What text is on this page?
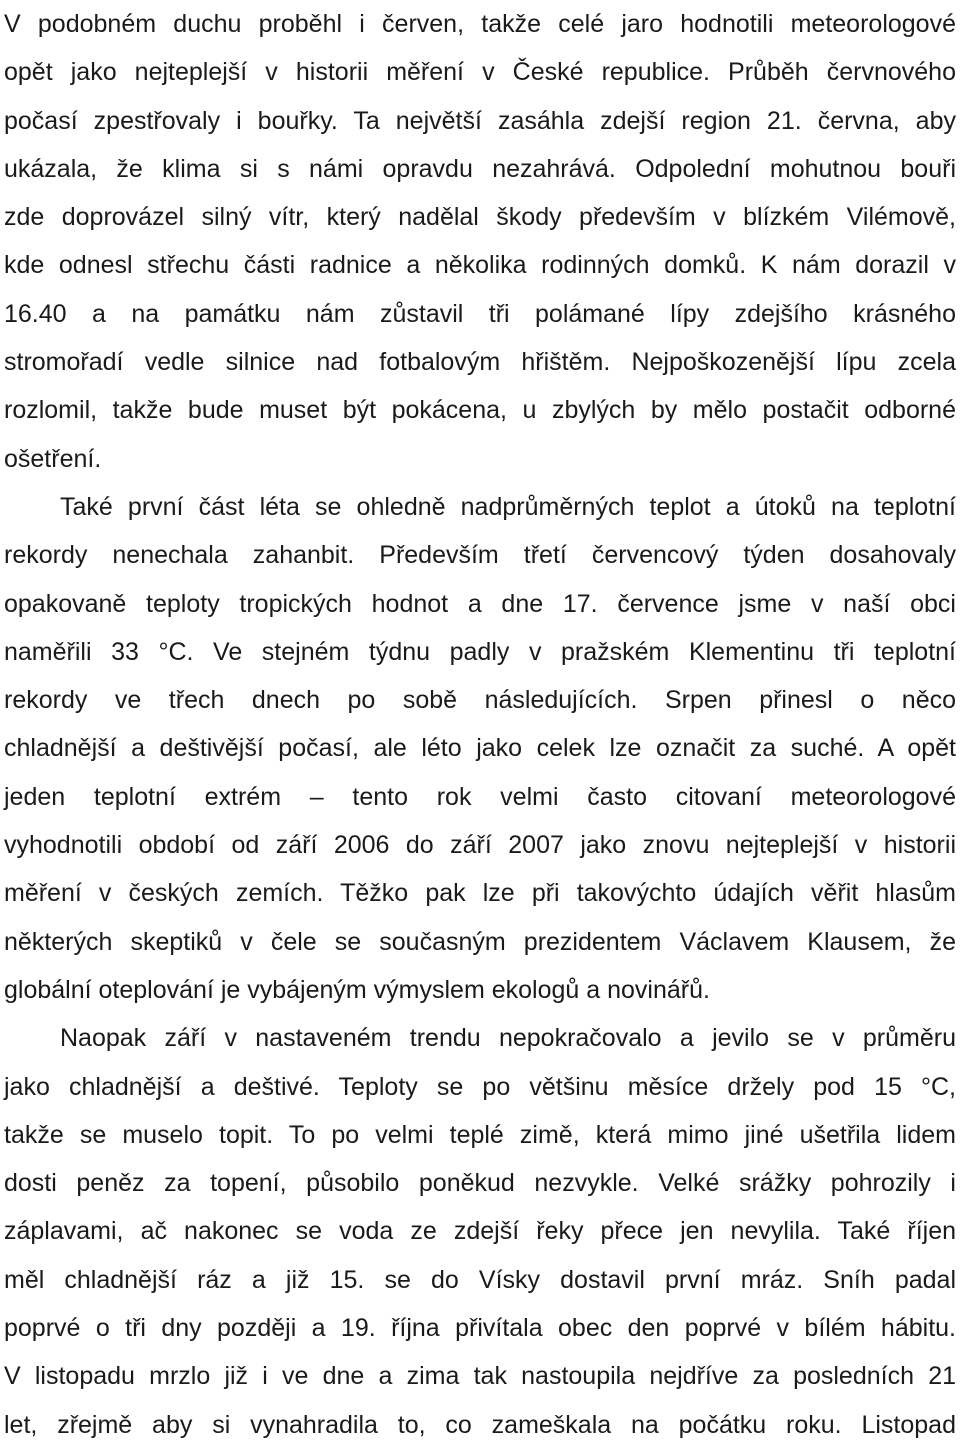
V podobném duchu proběhl i červen, takže celé jaro hodnotili meteorologové
opět jako nejteplejší v historii měření v České republice. Průběh červnového
počasí zpestřovaly i bouřky. Ta největší zasáhla zdejší region 21. června, aby
ukázala, že klima si s námi opravdu nezahrává. Odpolední mohutnou bouři
zde doprovázel silný vítr, který nadělal škody především v blízkém Vilémově,
kde odnesl střechu části radnice a několika rodinných domků. K nám dorazil v
16.40 a na památku nám zůstavil tři polámané lípy zdejšího krásného
stromořadí vedle silnice nad fotbalovým hřištěm. Nejpoškozenější lípu zcela
rozlomil, takže bude muset být pokácena, u zbylých by mělo postačit odborné
ošetření.
Také první část léta se ohledně nadprůměrných teplot a útoků na teplotní
rekordy nenechala zahanbit. Především třetí červencový týden dosahovaly
opakovaně teploty tropických hodnot a dne 17. července jsme v naší obci
naměřili 33 °C. Ve stejném týdnu padly v pražském Klementinu tři teplotní
rekordy ve třech dnech po sobě následujících. Srpen přinesl o něco
chladnější a deštivější počasí, ale léto jako celek lze označit za suché. A opět
jeden teplotní extrém – tento rok velmi často citovaní meteorologové
vyhodnotili období od září 2006 do září 2007 jako znovu nejteplejší v historii
měření v českých zemích. Těžko pak lze při takovýchto údajích věřit hlasům
některých skeptiků v čele se současným prezidentem Václavem Klausem, že
globální oteplování je vybájeným výmyslem ekologů a novinářů.
Naopak září v nastaveném trendu nepokračovalo a jevilo se v průměru
jako chladnější a deštivé. Teploty se po většinu měsíce držely pod 15 °C,
takže se muselo topit. To po velmi teplé zimě, která mimo jiné ušetřila lidem
dosti peněz za topení, působilo poněkud nezvykle. Velké srážky pohrozily i
záplavami, ač nakonec se voda ze zdejší řeky přece jen nevylila. Také říjen
měl chladnější ráz a již 15. se do Vísky dostavil první mráz. Sníh padal
poprvé o tři dny později a 19. října přivítala obec den poprvé v bílém hábitu.
V listopadu mrzlo již i ve dne a zima tak nastoupila nejdříve za posledních 21
let, zřejmě aby si vynahradila to, co zameškala na počátku roku. Listopad
